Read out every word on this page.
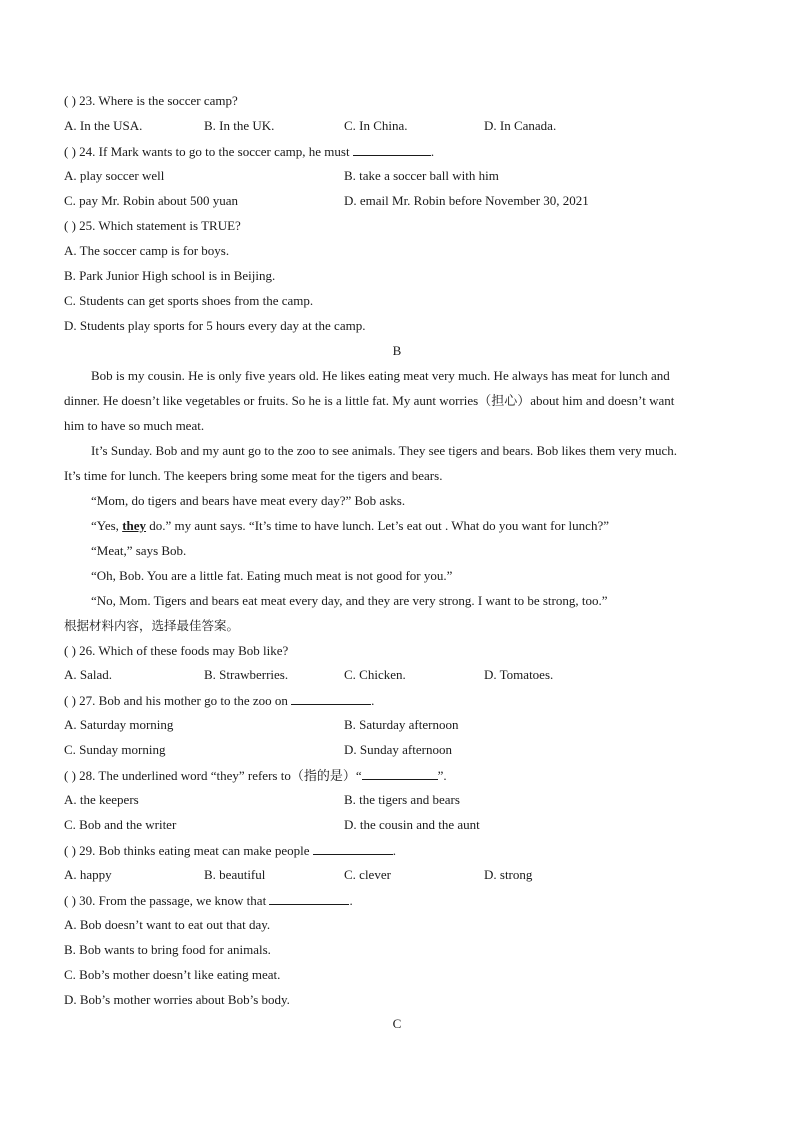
( ) 23. Where is the soccer camp?
A. In the USA.	B. In the UK.	C. In China.	D. In Canada.
( ) 24. If Mark wants to go to the soccer camp, he must	.
A. play soccer well	B. take a soccer ball with him
C. pay Mr. Robin about 500 yuan	D. email Mr. Robin before November 30, 2021
( ) 25. Which statement is TRUE?
A. The soccer camp is for boys.
B. Park Junior High school is in Beijing.
C. Students can get sports shoes from the camp.
D. Students play sports for 5 hours every day at the camp.
B
Bob is my cousin. He is only five years old. He likes eating meat very much. He always has meat for lunch and
dinner. He doesn’t like vegetables or fruits. So he is a little fat. My aunt worries（担心）about him and doesn’t want
him to have so much meat.
It’s Sunday. Bob and my aunt go to the zoo to see animals. They see tigers and bears. Bob likes them very much.
It’s time for lunch. The keepers bring some meat for the tigers and bears.
“Mom, do tigers and bears have meat every day?” Bob asks.
“Yes, they do.” my aunt says. “It’s time to have lunch. Let’s eat out . What do you want for lunch?”
“Meat,” says Bob.
“Oh, Bob. You are a little fat. Eating much meat is not good for you.”
“No, Mom. Tigers and bears eat meat every day, and they are very strong. I want to be strong, too.”
根据材料内容，选择最佳答案。
( ) 26. Which of these foods may Bob like?
A. Salad.	B. Strawberries.	C. Chicken.	D. Tomatoes.
( ) 27. Bob and his mother go to the zoo on	.
A. Saturday morning	B. Saturday afternoon
C. Sunday morning	D. Sunday afternoon
( ) 28. The underlined word “they” refers to（指的是）“	”.
A. the keepers	B. the tigers and bears
C. Bob and the writer	D. the cousin and the aunt
( ) 29. Bob thinks eating meat can make people	.
A. happy	B. beautiful	C. clever	D. strong
( ) 30. From the passage, we know that	.
A. Bob doesn’t want to eat out that day.
B. Bob wants to bring food for animals.
C. Bob’s mother doesn’t like eating meat.
D. Bob’s mother worries about Bob’s body.
C
